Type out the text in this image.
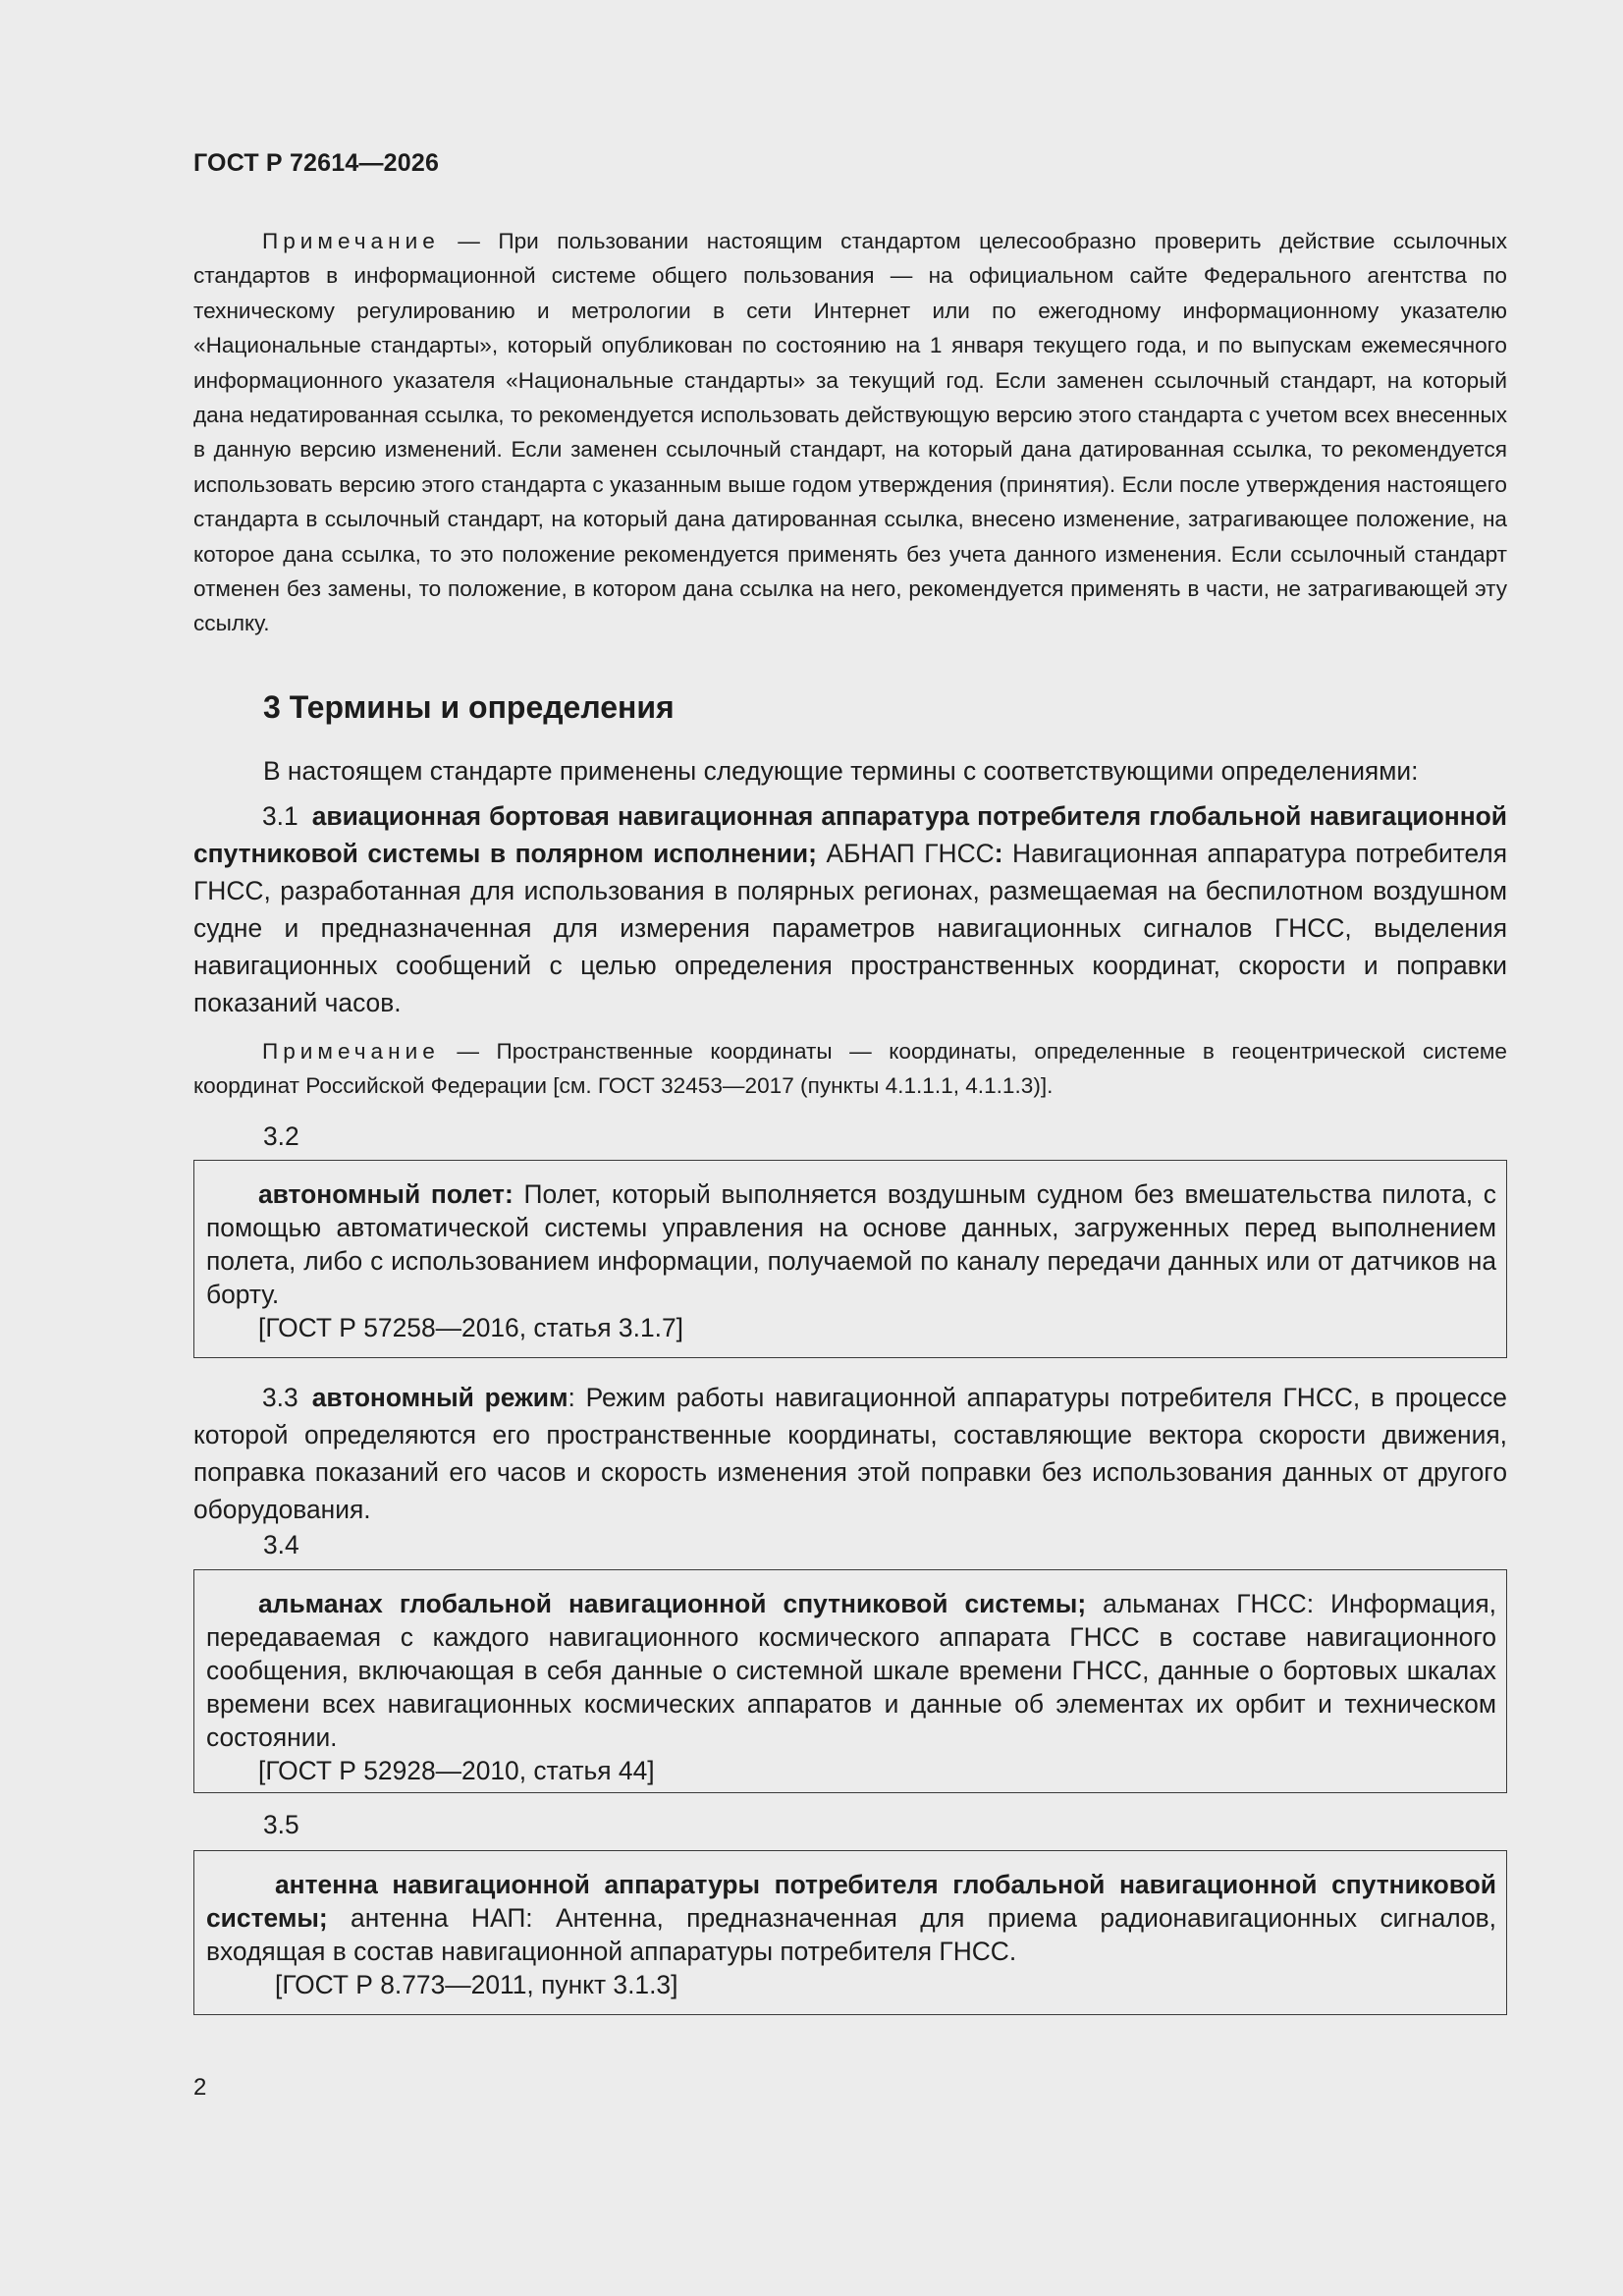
ГОСТ Р 72614—2026
Примечание — При пользовании настоящим стандартом целесообразно проверить действие ссылочных стандартов в информационной системе общего пользования — на официальном сайте Федерального агентства по техническому регулированию и метрологии в сети Интернет или по ежегодному информационному указателю «Национальные стандарты», который опубликован по состоянию на 1 января текущего года, и по выпускам ежемесячного информационного указателя «Национальные стандарты» за текущий год. Если заменен ссылочный стандарт, на который дана недатированная ссылка, то рекомендуется использовать действующую версию этого стандарта с учетом всех внесенных в данную версию изменений. Если заменен ссылочный стандарт, на который дана датированная ссылка, то рекомендуется использовать версию этого стандарта с указанным выше годом утверждения (принятия). Если после утверждения настоящего стандарта в ссылочный стандарт, на который дана датированная ссылка, внесено изменение, затрагивающее положение, на которое дана ссылка, то это положение рекомендуется применять без учета данного изменения. Если ссылочный стандарт отменен без замены, то положение, в котором дана ссылка на него, рекомендуется применять в части, не затрагивающей эту ссылку.
3 Термины и определения
В настоящем стандарте применены следующие термины с соответствующими определениями:
3.1 авиационная бортовая навигационная аппаратура потребителя глобальной навигационной спутниковой системы в полярном исполнении; АБНАП ГНСС: Навигационная аппаратура потребителя ГНСС, разработанная для использования в полярных регионах, размещаемая на беспилотном воздушном судне и предназначенная для измерения параметров навигационных сигналов ГНСС, выделения навигационных сообщений с целью определения пространственных координат, скорости и поправки показаний часов.
Примечание — Пространственные координаты — координаты, определенные в геоцентрической системе координат Российской Федерации [см. ГОСТ 32453—2017 (пункты 4.1.1.1, 4.1.1.3)].
3.2
автономный полет: Полет, который выполняется воздушным судном без вмешательства пилота, с помощью автоматической системы управления на основе данных, загруженных перед выполнением полета, либо с использованием информации, получаемой по каналу передачи данных или от датчиков на борту.
[ГОСТ Р 57258—2016, статья 3.1.7]
3.3 автономный режим: Режим работы навигационной аппаратуры потребителя ГНСС, в процессе которой определяются его пространственные координаты, составляющие вектора скорости движения, поправка показаний его часов и скорость изменения этой поправки без использования данных от другого оборудования.
3.4
альманах глобальной навигационной спутниковой системы; альманах ГНСС: Информация, передаваемая с каждого навигационного космического аппарата ГНСС в составе навигационного сообщения, включающая в себя данные о системной шкале времени ГНСС, данные о бортовых шкалах времени всех навигационных космических аппаратов и данные об элементах их орбит и техническом состоянии.
[ГОСТ Р 52928—2010, статья 44]
3.5
антенна навигационной аппаратуры потребителя глобальной навигационной спутниковой системы; антенна НАП: Антенна, предназначенная для приема радионавигационных сигналов, входящая в состав навигационной аппаратуры потребителя ГНСС.
[ГОСТ Р 8.773—2011, пункт 3.1.3]
2
